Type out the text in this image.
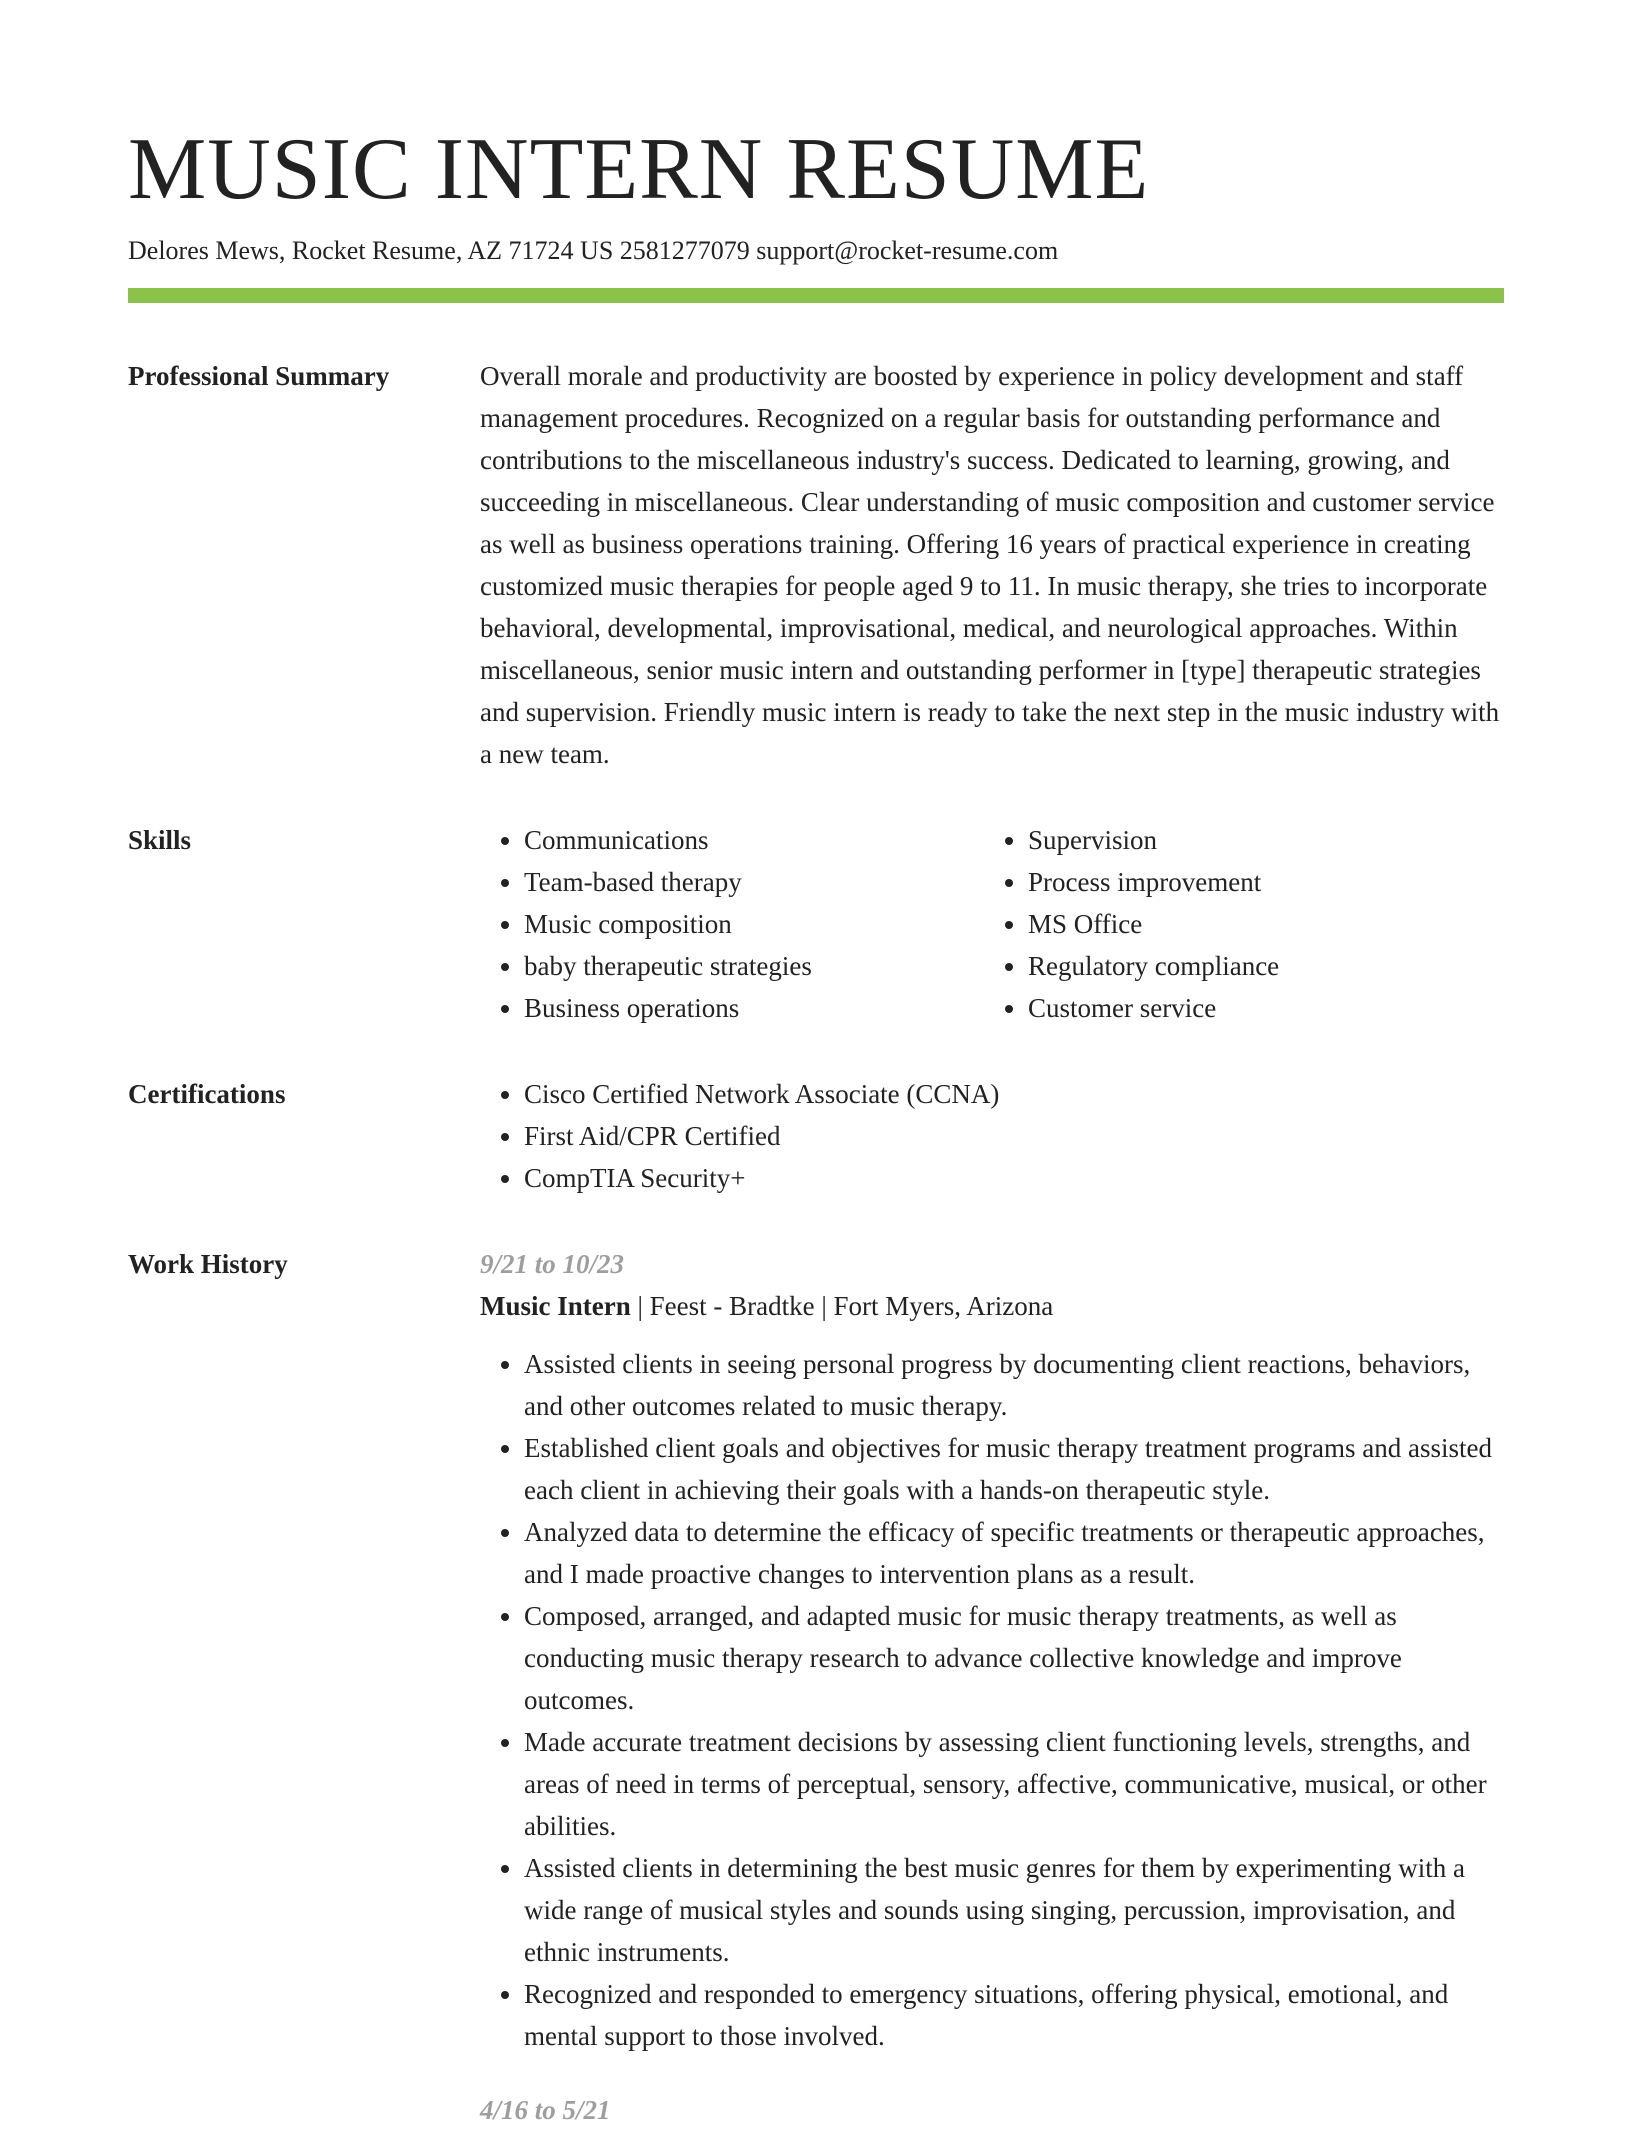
MUSIC INTERN RESUME
Delores Mews, Rocket Resume, AZ 71724 US 2581277079 support@rocket-resume.com
Professional Summary	Overall morale and productivity are boosted by experience in policy development and staff management procedures. Recognized on a regular basis for outstanding performance and contributions to the miscellaneous industry's success. Dedicated to learning, growing, and succeeding in miscellaneous. Clear understanding of music composition and customer service as well as business operations training. Offering 16 years of practical experience in creating customized music therapies for people aged 9 to 11. In music therapy, she tries to incorporate behavioral, developmental, improvisational, medical, and neurological approaches. Within miscellaneous, senior music intern and outstanding performer in [type] therapeutic strategies and supervision. Friendly music intern is ready to take the next step in the music industry with a new team.

Skills	• Communications
• Team-based therapy
• Music composition
• baby therapeutic strategies
• Business operations
• Supervision
• Process improvement
• MS Office
• Regulatory compliance
• Customer service
Certifications	• Cisco Certified Network Associate (CCNA)
• First Aid/CPR Certified
• CompTIA Security+
Work History	9/21 to 10/23
Music Intern | Feest - Bradtke | Fort Myers, Arizona
• Assisted clients in seeing personal progress by documenting client reactions, behaviors, and other outcomes related to music therapy.
• Established client goals and objectives for music therapy treatment programs and assisted each client in achieving their goals with a hands-on therapeutic style.
• Analyzed data to determine the efficacy of specific treatments or therapeutic approaches, and I made proactive changes to intervention plans as a result.
• Composed, arranged, and adapted music for music therapy treatments, as well as conducting music therapy research to advance collective knowledge and improve outcomes.
• Made accurate treatment decisions by assessing client functioning levels, strengths, and areas of need in terms of perceptual, sensory, affective, communicative, musical, or other abilities.
• Assisted clients in determining the best music genres for them by experimenting with a wide range of musical styles and sounds using singing, percussion, improvisation, and ethnic instruments.
• Recognized and responded to emergency situations, offering physical, emotional, and mental support to those involved.
4/16 to 5/21
